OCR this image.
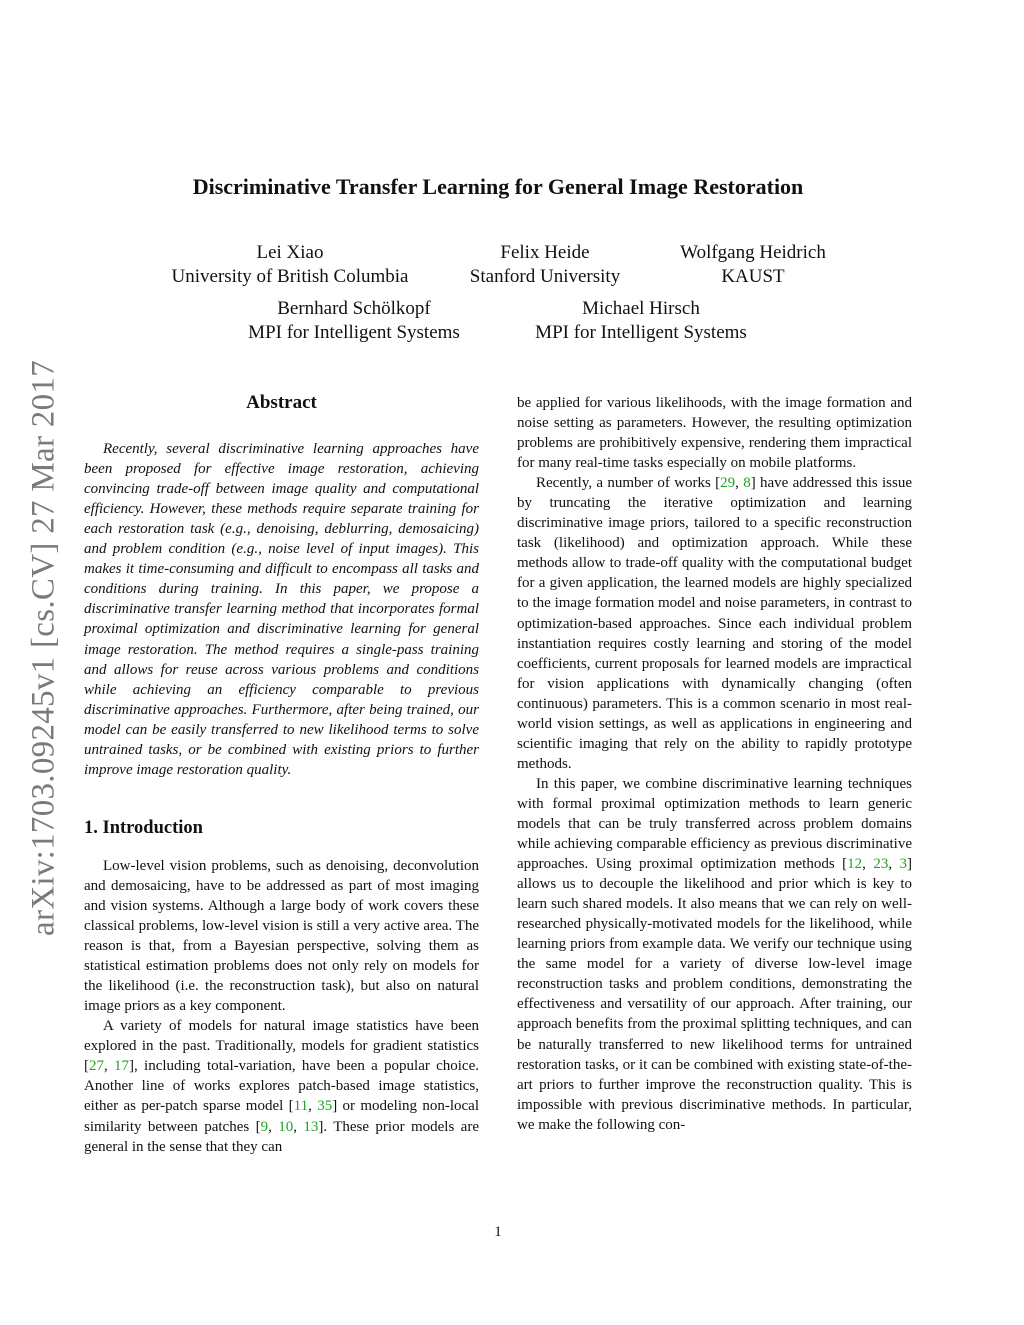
arXiv:1703.09245v1 [cs.CV] 27 Mar 2017
Discriminative Transfer Learning for General Image Restoration
Lei Xiao
University of British Columbia
Felix Heide
Stanford University
Wolfgang Heidrich
KAUST
Bernhard Schölkopf
MPI for Intelligent Systems
Michael Hirsch
MPI for Intelligent Systems
Abstract

Recently, several discriminative learning approaches have been proposed for effective image restoration, achieving convincing trade-off between image quality and computational efficiency. However, these methods require separate training for each restoration task (e.g., denoising, deblurring, demosaicing) and problem condition (e.g., noise level of input images). This makes it time-consuming and difficult to encompass all tasks and conditions during training. In this paper, we propose a discriminative transfer learning method that incorporates formal proximal optimization and discriminative learning for general image restoration. The method requires a single-pass training and allows for reuse across various problems and conditions while achieving an efficiency comparable to previous discriminative approaches. Furthermore, after being trained, our model can be easily transferred to new likelihood terms to solve untrained tasks, or be combined with existing priors to further improve image restoration quality.

1. Introduction

Low-level vision problems, such as denoising, deconvolution and demosaicing, have to be addressed as part of most imaging and vision systems. Although a large body of work covers these classical problems, low-level vision is still a very active area. The reason is that, from a Bayesian perspective, solving them as statistical estimation problems does not only rely on models for the likelihood (i.e. the reconstruction task), but also on natural image priors as a key component.

A variety of models for natural image statistics have been explored in the past. Traditionally, models for gradient statistics [27, 17], including total-variation, have been a popular choice. Another line of works explores patch-based image statistics, either as per-patch sparse model [11, 35] or modeling non-local similarity between patches [9, 10, 13]. These prior models are general in the sense that they can

be applied for various likelihoods, with the image formation and noise setting as parameters. However, the resulting optimization problems are prohibitively expensive, rendering them impractical for many real-time tasks especially on mobile platforms.

Recently, a number of works [29, 8] have addressed this issue by truncating the iterative optimization and learning discriminative image priors, tailored to a specific reconstruction task (likelihood) and optimization approach. While these methods allow to trade-off quality with the computational budget for a given application, the learned models are highly specialized to the image formation model and noise parameters, in contrast to optimization-based approaches. Since each individual problem instantiation requires costly learning and storing of the model coefficients, current proposals for learned models are impractical for vision applications with dynamically changing (often continuous) parameters. This is a common scenario in most real-world vision settings, as well as applications in engineering and scientific imaging that rely on the ability to rapidly prototype methods.

In this paper, we combine discriminative learning techniques with formal proximal optimization methods to learn generic models that can be truly transferred across problem domains while achieving comparable efficiency as previous discriminative approaches. Using proximal optimization methods [12, 23, 3] allows us to decouple the likelihood and prior which is key to learn such shared models. It also means that we can rely on well-researched physically-motivated models for the likelihood, while learning priors from example data. We verify our technique using the same model for a variety of diverse low-level image reconstruction tasks and problem conditions, demonstrating the effectiveness and versatility of our approach. After training, our approach benefits from the proximal splitting techniques, and can be naturally transferred to new likelihood terms for untrained restoration tasks, or it can be combined with existing state-of-the-art priors to further improve the reconstruction quality. This is impossible with previous discriminative methods. In particular, we make the following con-

1
